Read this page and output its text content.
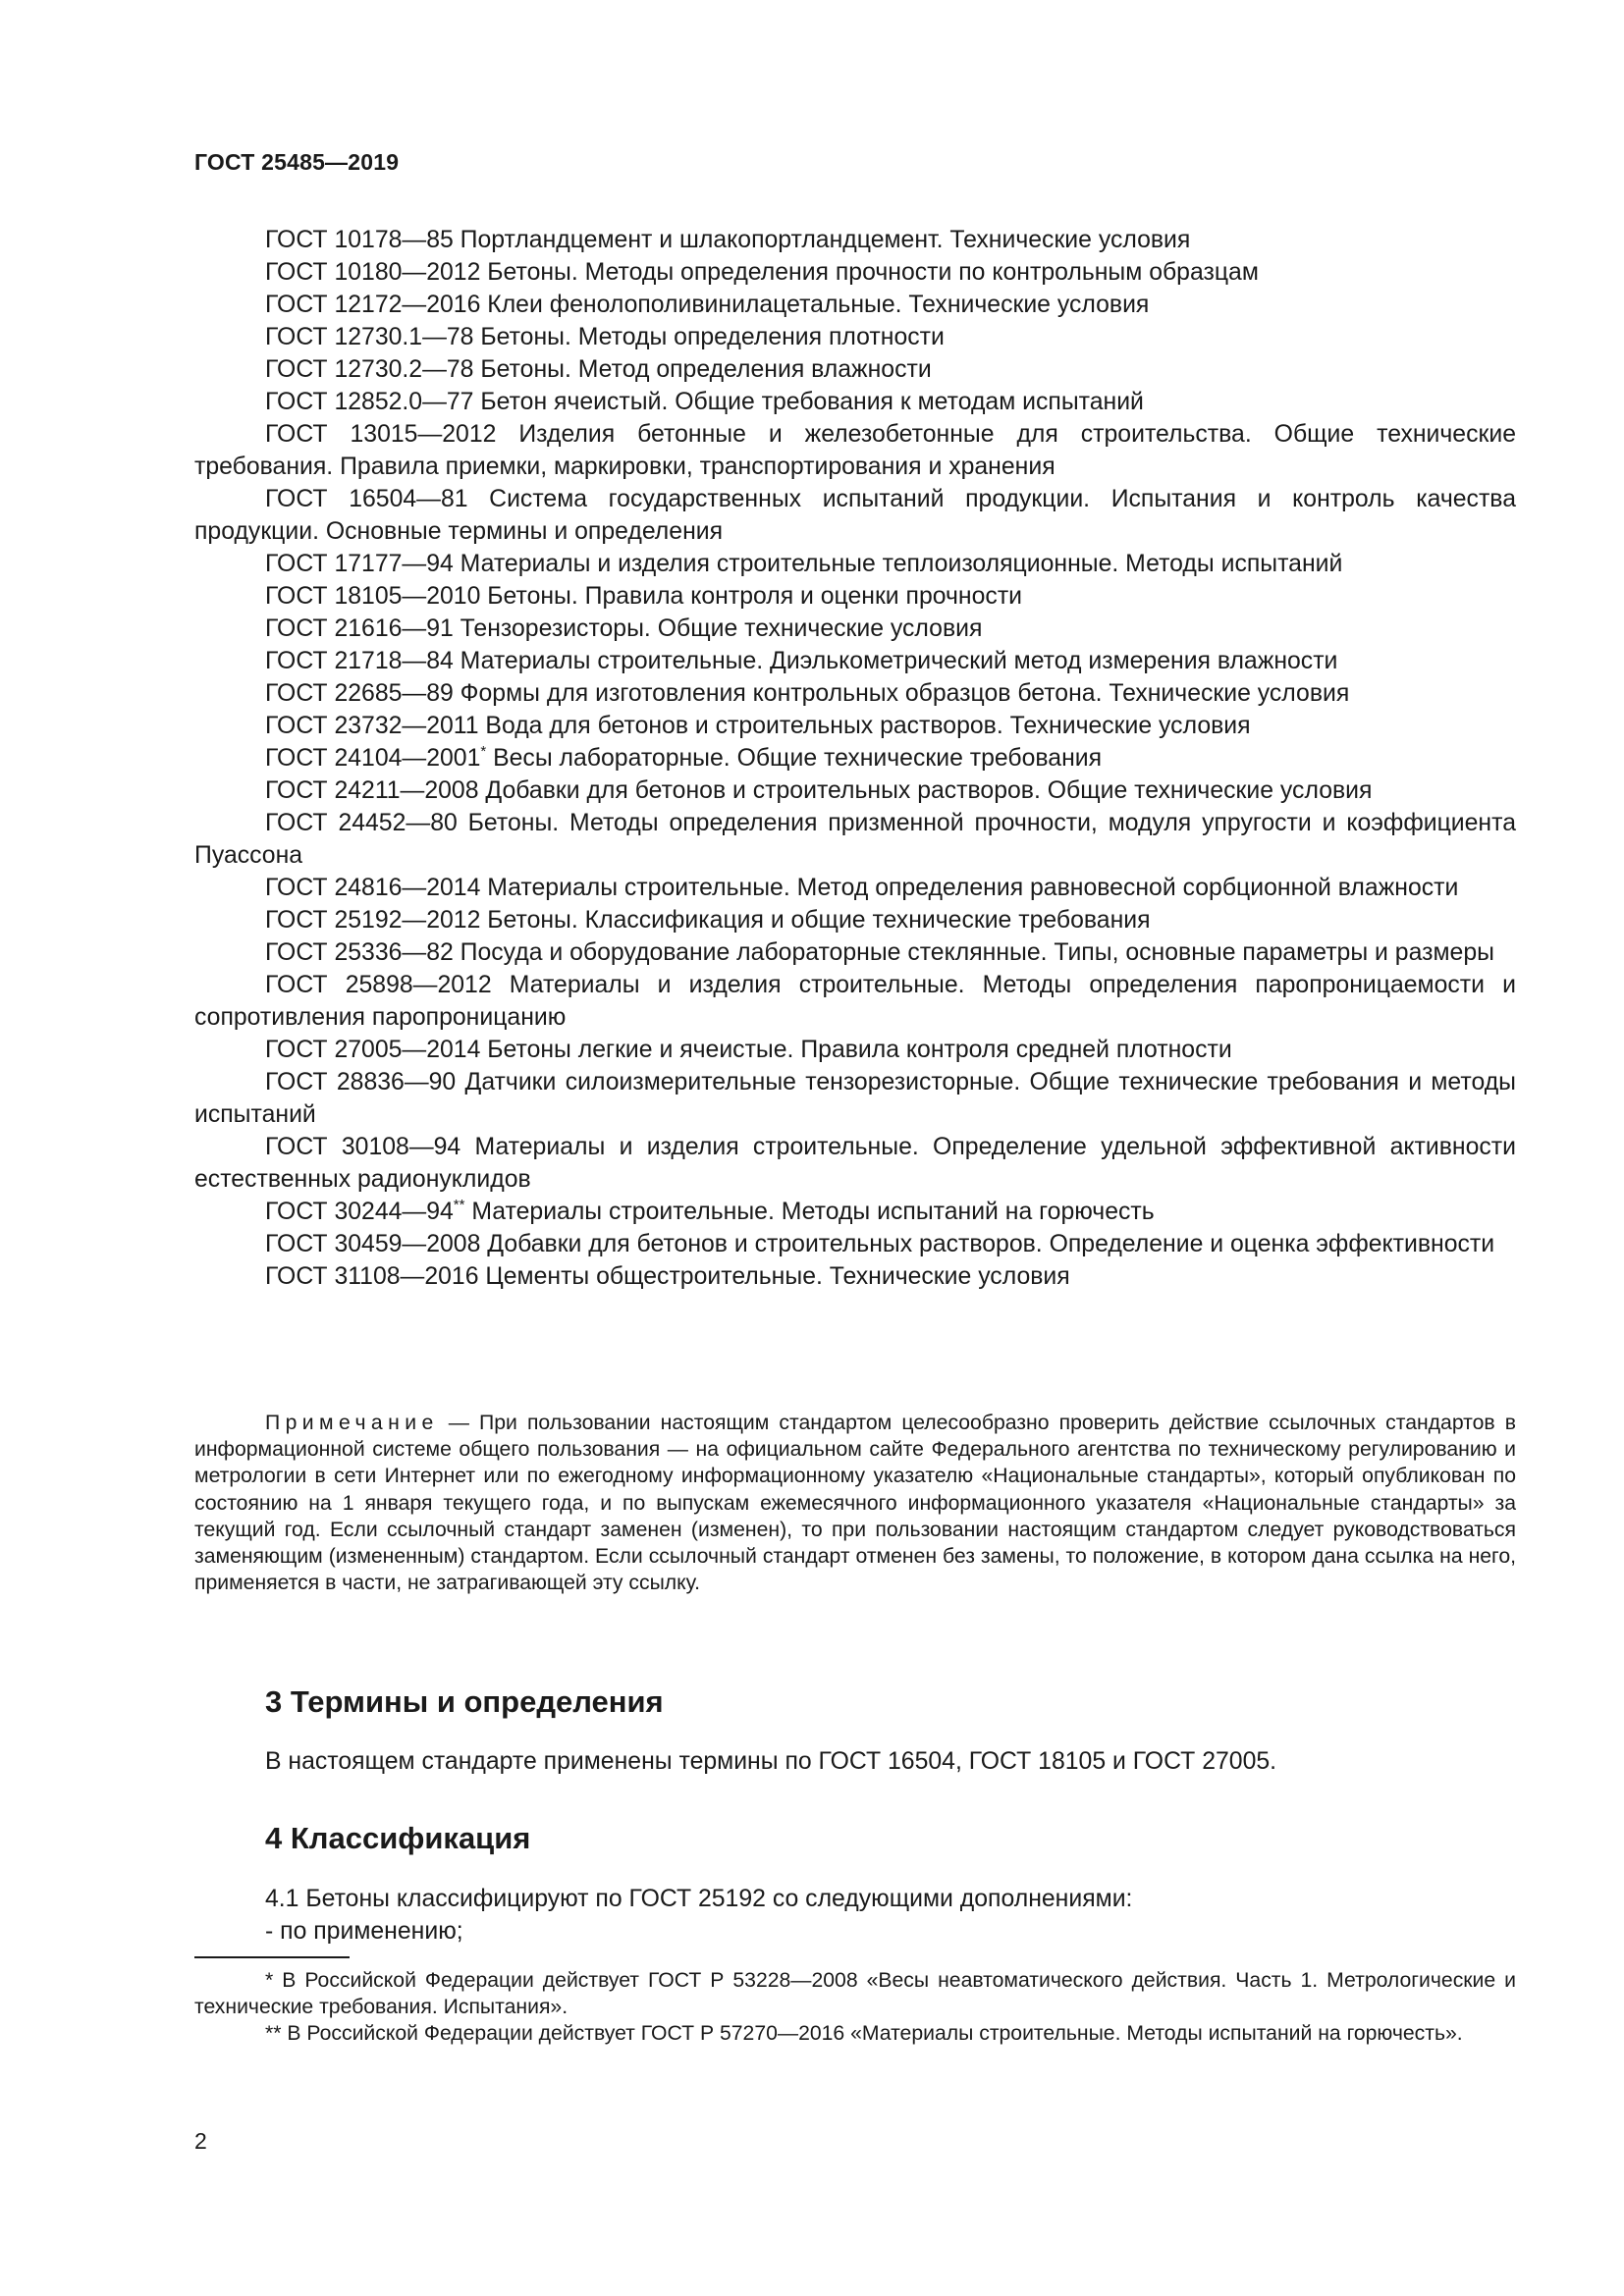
ГОСТ 25485—2019

ГОСТ 10178—85 Портландцемент и шлакопортландцемент. Технические условия

ГОСТ 10180—2012 Бетоны. Методы определения прочности по контрольным образцам

ГОСТ 12172—2016 Клеи фенолополивинилацетальные. Технические условия

ГОСТ 12730.1—78 Бетоны. Методы определения плотности

ГОСТ 12730.2—78 Бетоны. Метод определения влажности

ГОСТ 12852.0—77 Бетон ячеистый. Общие требования к методам испытаний

ГОСТ 13015—2012 Изделия бетонные и железобетонные для строительства. Общие технические требования. Правила приемки, маркировки, транспортирования и хранения

ГОСТ 16504—81 Система государственных испытаний продукции. Испытания и контроль качества продукции. Основные термины и определения

ГОСТ 17177—94 Материалы и изделия строительные теплоизоляционные. Методы испытаний

ГОСТ 18105—2010 Бетоны. Правила контроля и оценки прочности

ГОСТ 21616—91 Тензорезисторы. Общие технические условия

ГОСТ 21718—84 Материалы строительные. Диэлькометрический метод измерения влажности

ГОСТ 22685—89 Формы для изготовления контрольных образцов бетона. Технические условия

ГОСТ 23732—2011 Вода для бетонов и строительных растворов. Технические условия

ГОСТ 24104—2001* Весы лабораторные. Общие технические требования

ГОСТ 24211—2008 Добавки для бетонов и строительных растворов. Общие технические условия

ГОСТ 24452—80 Бетоны. Методы определения призменной прочности, модуля упругости и коэффициента Пуассона

ГОСТ 24816—2014 Материалы строительные. Метод определения равновесной сорбционной влажности

ГОСТ 25192—2012 Бетоны. Классификация и общие технические требования

ГОСТ 25336—82 Посуда и оборудование лабораторные стеклянные. Типы, основные параметры и размеры

ГОСТ 25898—2012 Материалы и изделия строительные. Методы определения паропроницаемости и сопротивления паропроницанию

ГОСТ 27005—2014 Бетоны легкие и ячеистые. Правила контроля средней плотности

ГОСТ 28836—90 Датчики силоизмерительные тензорезисторные. Общие технические требования и методы испытаний

ГОСТ 30108—94 Материалы и изделия строительные. Определение удельной эффективной активности естественных радионуклидов

ГОСТ 30244—94** Материалы строительные. Методы испытаний на горючесть

ГОСТ 30459—2008 Добавки для бетонов и строительных растворов. Определение и оценка эффективности

ГОСТ 31108—2016 Цементы общестроительные. Технические условия

Примечание — При пользовании настоящим стандартом целесообразно проверить действие ссылочных стандартов в информационной системе общего пользования — на официальном сайте Федерального агентства по техническому регулированию и метрологии в сети Интернет или по ежегодному информационному указателю «Национальные стандарты», который опубликован по состоянию на 1 января текущего года, и по выпускам ежемесячного информационного указателя «Национальные стандарты» за текущий год. Если ссылочный стандарт заменен (изменен), то при пользовании настоящим стандартом следует руководствоваться заменяющим (измененным) стандартом. Если ссылочный стандарт отменен без замены, то положение, в котором дана ссылка на него, применяется в части, не затрагивающей эту ссылку.

3 Термины и определения

В настоящем стандарте применены термины по ГОСТ 16504, ГОСТ 18105 и ГОСТ 27005.

4 Классификация

4.1 Бетоны классифицируют по ГОСТ 25192 со следующими дополнениями:

- по применению;

* В Российской Федерации действует ГОСТ Р 53228—2008 «Весы неавтоматического действия. Часть 1. Метрологические и технические требования. Испытания».

** В Российской Федерации действует ГОСТ Р 57270—2016 «Материалы строительные. Методы испытаний на горючесть».

2
